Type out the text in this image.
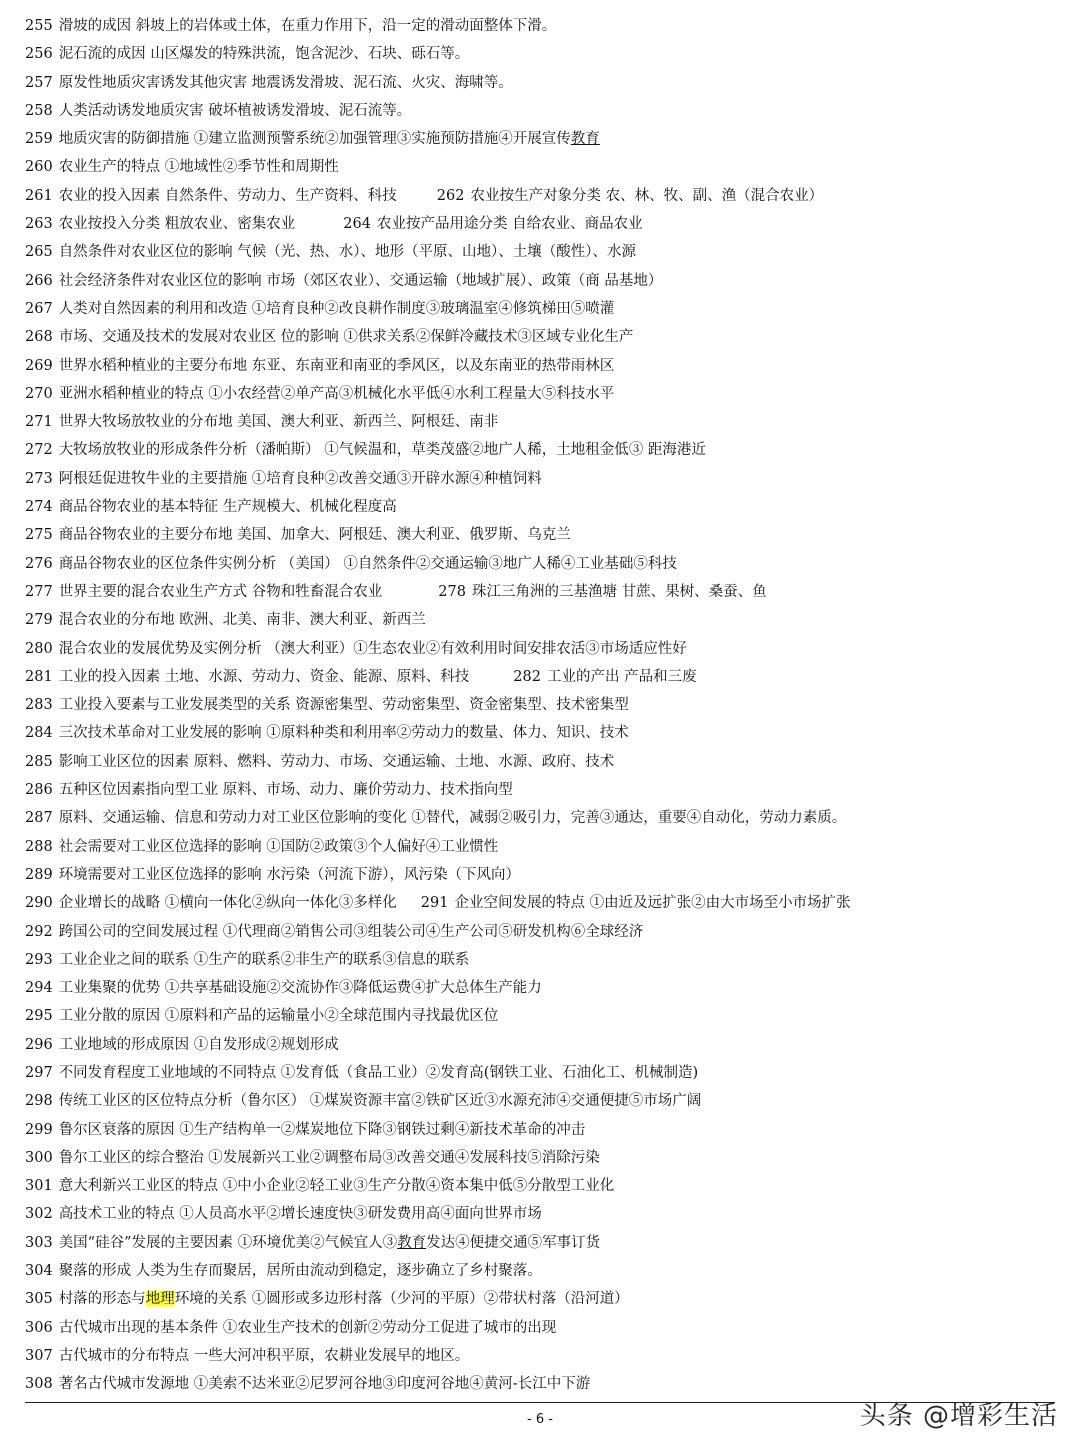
255 滑坡的成因 斜坡上的岩体或土体，在重力作用下，沿一定的滑动面整体下滑。
256 泥石流的成因 山区爆发的特殊洪流，饱含泥沙、石块、砾石等。
257 原发性地质灾害诱发其他灾害 地震诱发滑坡、泥石流、火灾、海啸等。
258 人类活动诱发地质灾害 破坏植被诱发滑坡、泥石流等。
259 地质灾害的防御措施 ①建立监测预警系统②加强管理③实施预防措施④开展宣传教育
260 农业生产的特点 ①地域性②季节性和周期性
261 农业的投入因素 自然条件、劳动力、生产资料、科技	262 农业按生产对象分类 农、林、牧、副、渔（混合农业）
263 农业按投入分类 粗放农业、密集农业	264 农业按产品用途分类 自给农业、商品农业
265 自然条件对农业区位的影响 气候（光、热、水）、地形（平原、山地）、土壤（酸性）、水源
266 社会经济条件对农业区位的影响 市场（郊区农业）、交通运输（地域扩展）、政策（商 品基地）
267 人类对自然因素的利用和改造 ①培育良种②改良耕作制度③玻璃温室④修筑梯田⑤喷灌
268 市场、交通及技术的发展对农业区 位的影响 ①供求关系②保鲜冷藏技术③区域专业化生产
269 世界水稻种植业的主要分布地 东亚、东南亚和南亚的季风区，以及东南亚的热带雨林区
270 亚洲水稻种植业的特点 ①小农经营②单产高③机械化水平低④水利工程量大⑤科技水平
271 世界大牧场放牧业的分布地 美国、澳大利亚、新西兰、阿根廷、南非
272 大牧场放牧业的形成条件分析（潘帕斯） ①气候温和，草类茂盛②地广人稀，土地租金低③ 距海港近
273 阿根廷促进牧牛业的主要措施 ①培育良种②改善交通③开辟水源④种植饲料
274 商品谷物农业的基本特征 生产规模大、机械化程度高
275 商品谷物农业的主要分布地 美国、加拿大、阿根廷、澳大利亚、俄罗斯、乌克兰
276 商品谷物农业的区位条件实例分析 （美国） ①自然条件②交通运输③地广人稀④工业基础⑤科技
277 世界主要的混合农业生产方式 谷物和牲畜混合农业	278 珠江三角洲的三基渔塘 甘蔗、果树、桑蚕、鱼
279 混合农业的分布地 欧洲、北美、南非、澳大利亚、新西兰
280 混合农业的发展优势及实例分析 （澳大利亚）①生态农业②有效利用时间安排农活③市场适应性好
281 工业的投入因素 土地、水源、劳动力、资金、能源、原料、科技	282 工业的产出 产品和三废
283 工业投入要素与工业发展类型的关系 资源密集型、劳动密集型、资金密集型、技术密集型
284 三次技术革命对工业发展的影响 ①原料种类和利用率②劳动力的数量、体力、知识、技术
285 影响工业区位的因素 原料、燃料、劳动力、市场、交通运输、土地、水源、政府、技术
286 五种区位因素指向型工业 原料、市场、动力、廉价劳动力、技术指向型
287 原料、交通运输、信息和劳动力对工业区位影响的变化 ①替代，减弱②吸引力，完善③通达，重要④自动化，劳动力素质。
288 社会需要对工业区位选择的影响 ①国防②政策③个人偏好④工业惯性
289 环境需要对工业区位选择的影响 水污染（河流下游），风污染（下风向）
290 企业增长的战略 ①横向一体化②纵向一体化③多样化 291 企业空间发展的特点 ①由近及远扩张②由大市场至小市场扩张
292 跨国公司的空间发展过程 ①代理商②销售公司③组装公司④生产公司⑤研发机构⑥全球经济
293 工业企业之间的联系 ①生产的联系②非生产的联系③信息的联系
294 工业集聚的优势 ①共享基础设施②交流协作③降低运费④扩大总体生产能力
295 工业分散的原因 ①原料和产品的运输量小②全球范围内寻找最优区位
296 工业地域的形成原因 ①自发形成②规划形成
297 不同发育程度工业地域的不同特点 ①发育低（食品工业）②发育高(钢铁工业、石油化工、机械制造)
298 传统工业区的区位特点分析（鲁尔区） ①煤炭资源丰富②铁矿区近③水源充沛④交通便捷⑤市场广阔
299 鲁尔区衰落的原因 ①生产结构单一②煤炭地位下降③钢铁过剩④新技术革命的冲击
300 鲁尔工业区的综合整治 ①发展新兴工业②调整布局③改善交通④发展科技⑤消除污染
301 意大利新兴工业区的特点 ①中小企业②轻工业③生产分散④资本集中低⑤分散型工业化
302 高技术工业的特点 ①人员高水平②增长速度快③研发费用高④面向世界市场
303 美国“硅谷”发展的主要因素 ①环境优美②气候宜人③教育发达④便捷交通⑤军事订货
304 聚落的形成 人类为生存而聚居，居所由流动到稳定，逐步确立了乡村聚落。
305 村落的形态与地理环境的关系 ①圆形或多边形村落（少河的平原）②带状村落（沿河道）
306 古代城市出现的基本条件 ①农业生产技术的创新②劳动分工促进了城市的出现
307 古代城市的分布特点 一些大河冲积平原，农耕业发展早的地区。
308 著名古代城市发源地 ①美索不达米亚②尼罗河谷地③印度河谷地④黄河-长江中下游
- 6 -	头条 @增彩生活
